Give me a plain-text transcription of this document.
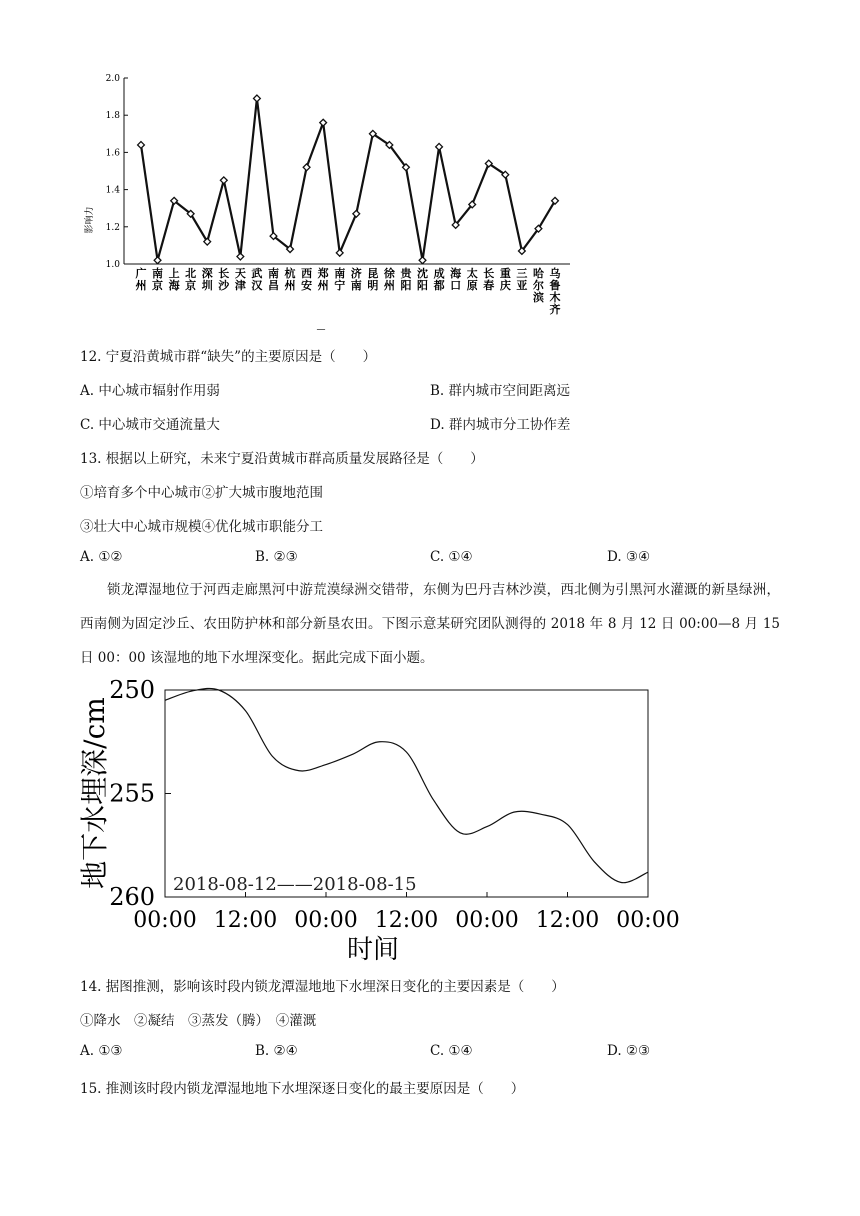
1.0
1.2
1.4
1.6
1.8
2.0
广州
南京
上海
北京
深圳
长沙
天津
武汉
南昌
杭州
西安
郑州
南宁
济南
昆明
徐州
贵阳
沈阳
成都
海口
太原
长春
重庆
三亚
哈尔滨
乌鲁木齐
影响力
—
12. 宁夏沿黄城市群“缺失”的主要原因是（　　）
A. 中心城市辐射作用弱	B. 群内城市空间距离远
C. 中心城市交通流量大	D. 群内城市分工协作差
13. 根据以上研究，未来宁夏沿黄城市群高质量发展路径是（　　）
①培育多个中心城市②扩大城市腹地范围
③壮大中心城市规模④优化城市职能分工
A. ①②	B. ②③	C. ①④	D. ③④
锁龙潭湿地位于河西走廊黑河中游荒漠绿洲交错带，东侧为巴丹吉林沙漠，西北侧为引黑河水灌溉的新垦绿洲，西南侧为固定沙丘、农田防护林和部分新垦农田。下图示意某研究团队测得的 2018 年 8 月 12 日 00:00—8 月 15 日 00：00 该湿地的地下水埋深变化。据此完成下面小题。
250
255
260
00:00 12:00 00:00 12:00 00:00 12:00 00:00
2018-08-12——2018-08-15
地下水埋深/cm
时间
14. 据图推测，影响该时段内锁龙潭湿地地下水埋深日变化的主要因素是（　　）
①降水　②凝结　③蒸发（腾）　④灌溉
A. ①③	B. ②④	C. ①④	D. ②③
15. 推测该时段内锁龙潭湿地地下水埋深逐日变化的最主要原因是（　　）
